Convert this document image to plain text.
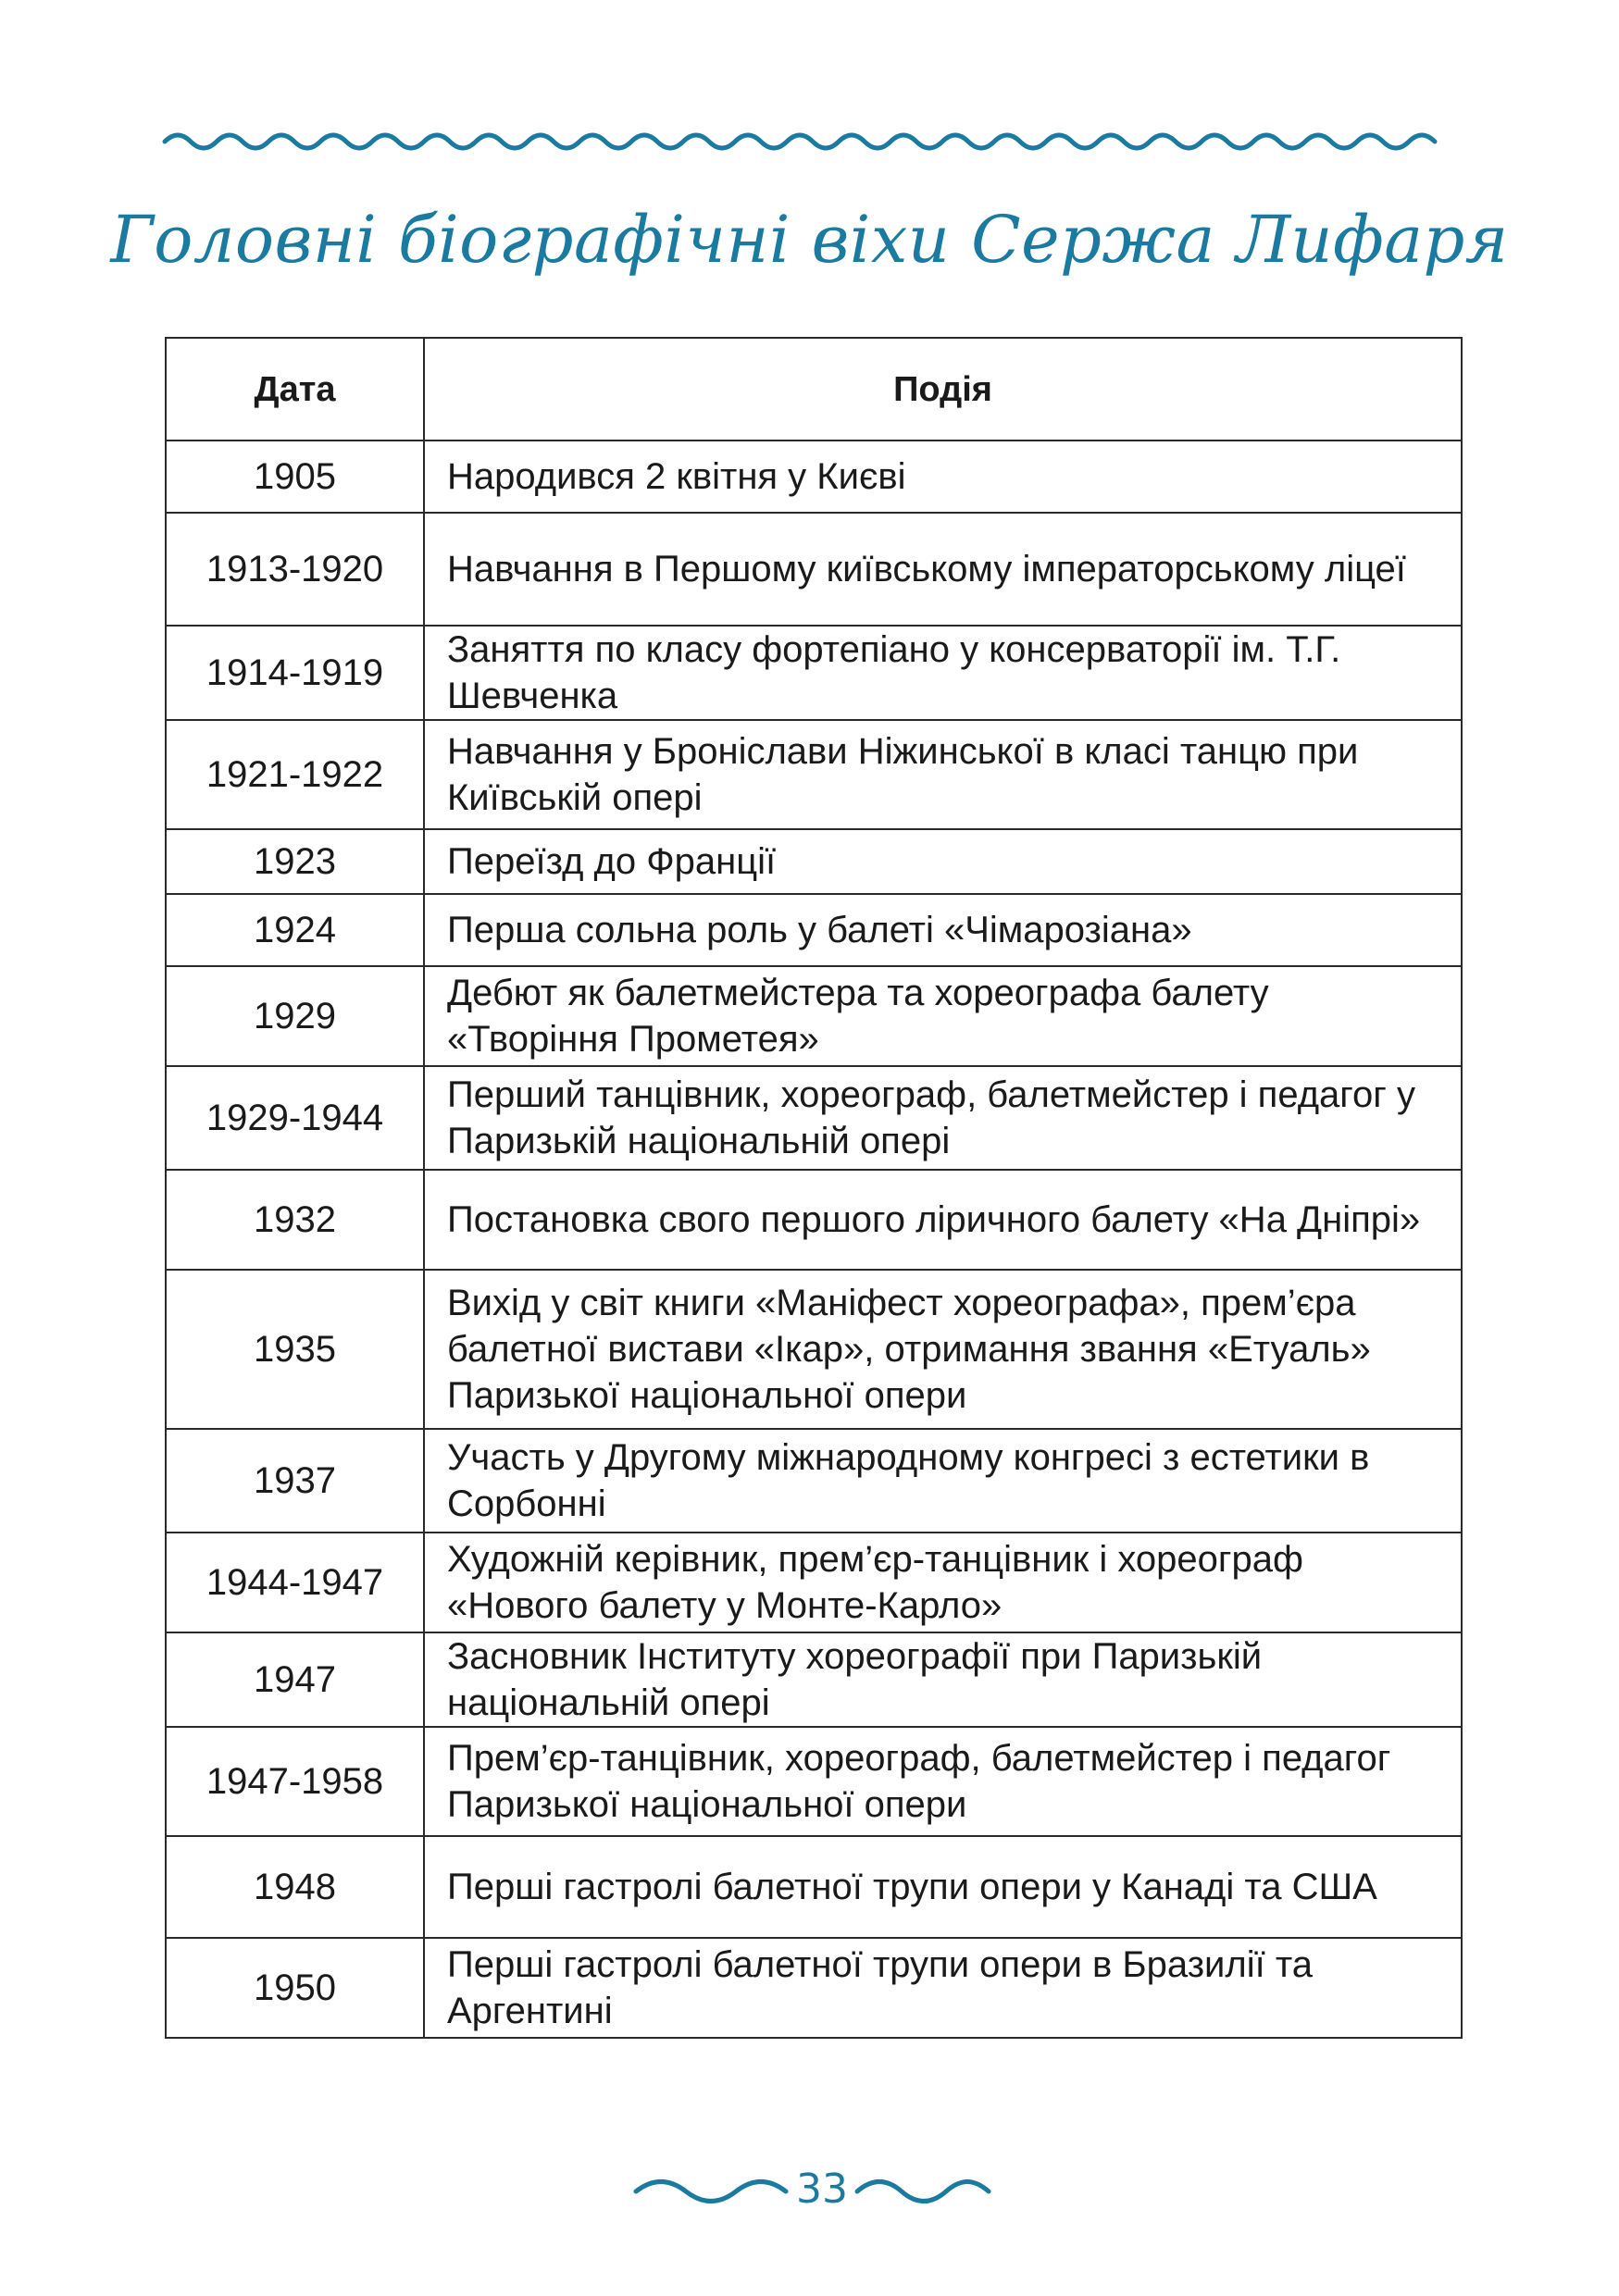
Головні біографічні віхи Сержа Лифаря
Дата	Подія
1905	Народився 2 квітня у Києві
1913-1920	Навчання в Першому київському імператорському ліцеї
1914-1919	Заняття по класу фортепіано у консерваторії ім. Т.Г. Шевченка
1921-1922	Навчання у Броніслави Ніжинської в класі танцю при Київській опері
1923	Переїзд до Франції
1924	Перша сольна роль у балеті «Чімарозіана»
1929	Дебют як балетмейстера та хореографа балету «Творіння Прометея»
1929-1944	Перший танцівник, хореограф, балетмейстер і педагог у Паризькій національній опері
1932	Постановка свого першого ліричного балету «На Дніпрі»
1935	Вихід у світ книги «Маніфест хореографа», прем’єра балетної вистави «Ікар», отримання звання «Етуаль» Паризької національної опери
1937	Участь у Другому міжнародному конгресі з естетики в Сорбонні
1944-1947	Художній керівник, прем’єр-танцівник і хореограф «Нового балету у Монте-Карло»
1947	Засновник Інституту хореографії при Паризькій національній опері
1947-1958	Прем’єр-танцівник, хореограф, балетмейстер і педагог Паризької національної опери
1948	Перші гастролі балетної трупи опери у Канаді та США
1950	Перші гастролі балетної трупи опери в Бразилії та Аргентині
33
